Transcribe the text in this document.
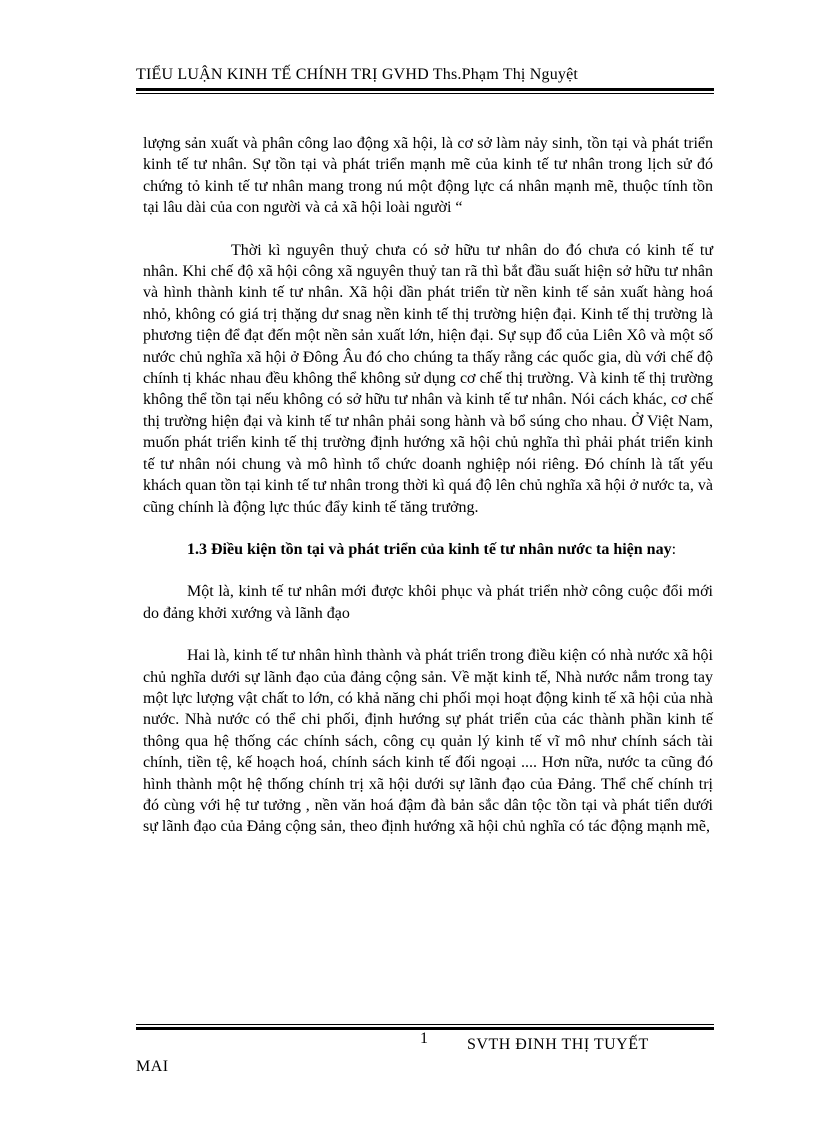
TIỂU LUẬN KINH TẾ CHÍNH TRỊ GVHD Ths.Phạm Thị Nguyệt

lượng sản xuất và phân công lao động xã hội, là cơ sở làm nảy sinh, tồn tại và phát triển kinh tế tư nhân. Sự tồn tại và phát triển mạnh mẽ của kinh tế tư nhân trong lịch sử đó chứng tỏ kinh tế tư nhân mang trong nú một động lực cá nhân mạnh mẽ, thuộc tính tồn tại lâu dài của con người và cả xã hội loài người “

Thời kì nguyên thuỷ chưa có sở hữu tư nhân do đó chưa có kinh tế tư nhân. Khi chế độ xã hội công xã nguyên thuỷ tan rã thì bắt đầu suất hiện sở hữu tư nhân và hình thành kinh tế tư nhân. Xã hội dần phát triển từ nền kinh tế sản xuất hàng hoá nhỏ, không có giá trị thặng dư snag nền kinh tế thị trường hiện đại. Kinh tế thị trường là phương tiện để đạt đến một nền sản xuất lớn, hiện đại. Sự sụp đổ của Liên Xô và một số nước chủ nghĩa xã hội ở Đông Âu đó cho chúng ta thấy rằng các quốc gia, dù với chế độ chính tị khác nhau đều không thể không sử dụng cơ chế thị trường. Và kinh tế thị trường không thể tồn tại nếu không có sở hữu tư nhân và kinh tế tư nhân. Nói cách khác, cơ chế thị trường hiện đại và kinh tế tư nhân phải song hành và bổ súng cho nhau. Ở Việt Nam, muốn phát triển kinh tế thị trường định hướng xã hội chủ nghĩa thì phải phát triển kinh tế tư nhân nói chung và mô hình tổ chức doanh nghiệp nói riêng. Đó chính là tất yếu khách quan tồn tại kinh tế tư nhân trong thời kì quá độ lên chủ nghĩa xã hội ở nước ta, và cũng chính là động lực thúc đẩy kinh tế tăng trưởng.

1.3 Điều kiện tồn tại và phát triển của kinh tế tư nhân nước ta hiện nay:

Một là, kinh tế tư nhân mới được khôi phục và phát triển nhờ công cuộc đổi mới do đảng khởi xướng và lãnh đạo

Hai là, kinh tế tư nhân hình thành và phát triển trong điều kiện có nhà nước xã hội chủ nghĩa dưới sự lãnh đạo của đảng cộng sản. Về mặt kinh tế, Nhà nước nắm trong tay một lực lượng vật chất to lớn, có khả năng chi phối mọi hoạt động kinh tế xã hội của nhà nước. Nhà nước có thể chi phối, định hướng sự phát triển của các thành phần kinh tế thông qua hệ thống các chính sách, công cụ quản lý kinh tế vĩ mô như chính sách tài chính, tiền tệ, kế hoạch hoá, chính sách kinh tế đối ngoại .... Hơn nữa, nước ta cũng đó hình thành một hệ thống chính trị xã hội dưới sự lãnh đạo của Đảng. Thể chế chính trị đó cùng với hệ tư tưởng , nền văn hoá đậm đà bản sắc dân tộc tồn tại và phát tiển dưới sự lãnh đạo của Đảng cộng sản, theo định hướng xã hội chủ nghĩa có tác động mạnh mẽ,

1 SVTH ĐINH THỊ TUYẾT
MAI
